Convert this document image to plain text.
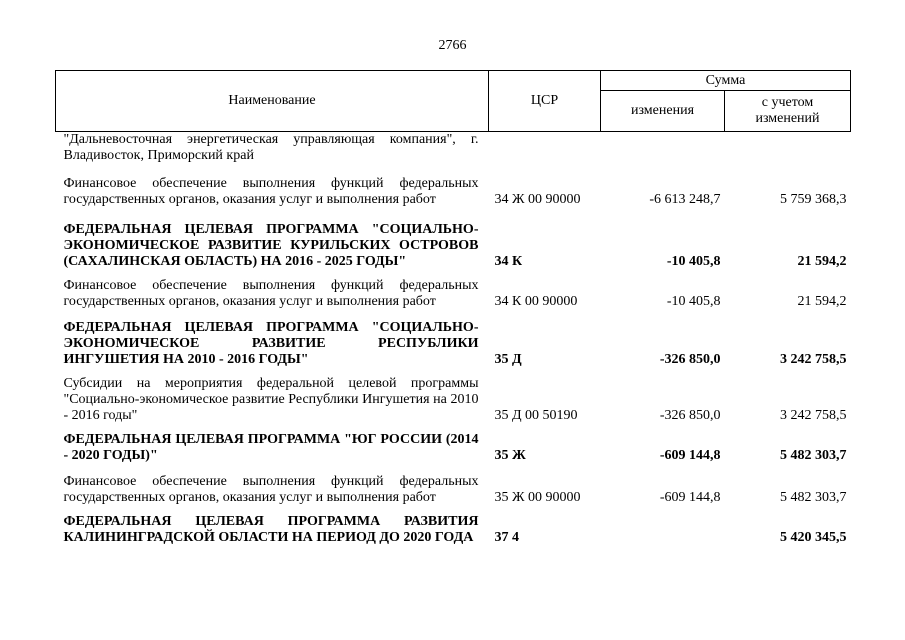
2766
Наименование	ЦСР	Сумма	
		изменения	с учетом изменений
"Дальневосточная энергетическая управляющая компания", г. Владивосток, Приморский край			

Финансовое обеспечение выполнения функций федеральных государственных органов, оказания услуг и выполнения работ	34 Ж 00 90000	-6 613 248,7	5 759 368,3

ФЕДЕРАЛЬНАЯ ЦЕЛЕВАЯ ПРОГРАММА "СОЦИАЛЬНО-ЭКОНОМИЧЕСКОЕ РАЗВИТИЕ КУРИЛЬСКИХ ОСТРОВОВ (САХАЛИНСКАЯ ОБЛАСТЬ) НА 2016 - 2025 ГОДЫ"	34 К	-10 405,8	21 594,2

Финансовое обеспечение выполнения функций федеральных государственных органов, оказания услуг и выполнения работ	34 К 00 90000	-10 405,8	21 594,2

ФЕДЕРАЛЬНАЯ ЦЕЛЕВАЯ ПРОГРАММА "СОЦИАЛЬНО-ЭКОНОМИЧЕСКОЕ РАЗВИТИЕ РЕСПУБЛИКИ ИНГУШЕТИЯ НА 2010 - 2016 ГОДЫ"	35 Д	-326 850,0	3 242 758,5

Субсидии на мероприятия федеральной целевой программы "Социально-экономическое развитие Республики Ингушетия на 2010 - 2016 годы"	35 Д 00 50190	-326 850,0	3 242 758,5

ФЕДЕРАЛЬНАЯ ЦЕЛЕВАЯ ПРОГРАММА "ЮГ РОССИИ (2014 - 2020 ГОДЫ)"	35 Ж	-609 144,8	5 482 303,7

Финансовое обеспечение выполнения функций федеральных государственных органов, оказания услуг и выполнения работ	35 Ж 00 90000	-609 144,8	5 482 303,7

ФЕДЕРАЛЬНАЯ ЦЕЛЕВАЯ ПРОГРАММА РАЗВИТИЯ КАЛИНИНГРАДСКОЙ ОБЛАСТИ НА ПЕРИОД ДО 2020 ГОДА	37 4		5 420 345,5
